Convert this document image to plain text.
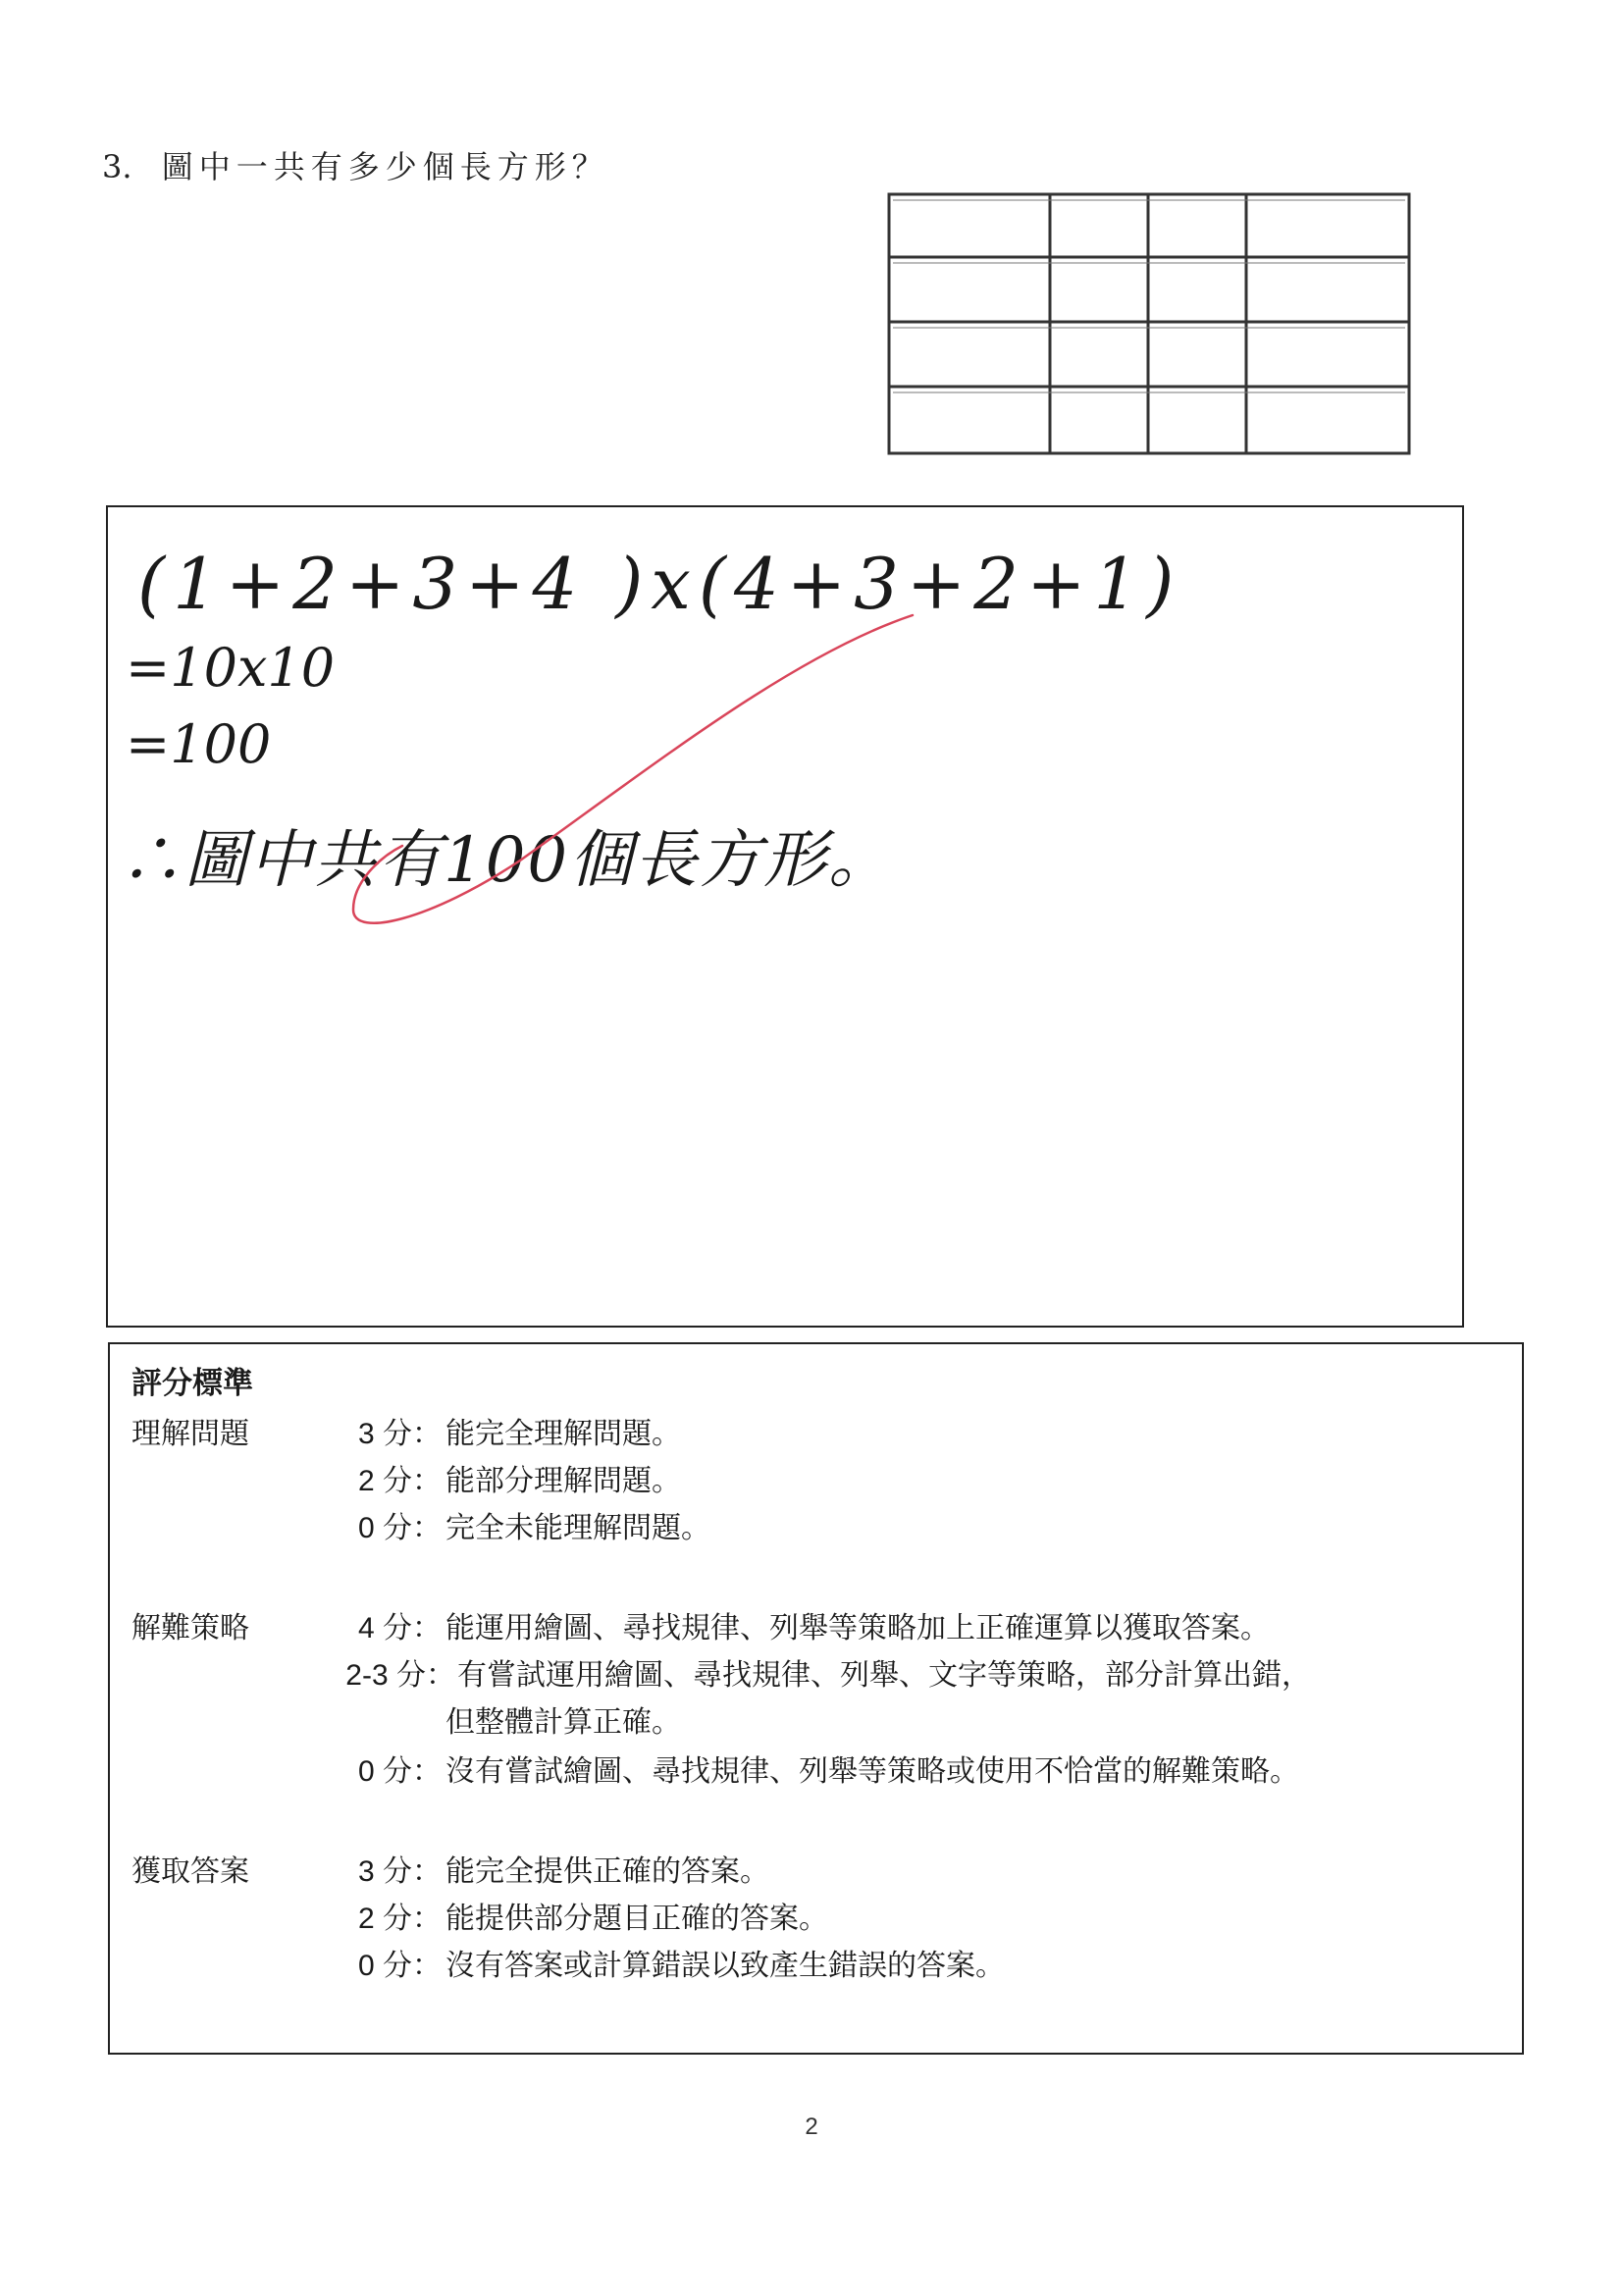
3. 圖中一共有多少個長方形？
(1+2+3+4 )x(4+3+2+1)
=10x10
=100
∴圖中共有100個長方形。
評分標準
理解問題	3 分： 能完全理解問題。
2 分： 能部分理解問題。
0 分： 完全未能理解問題。
解難策略	4 分： 能運用繪圖、尋找規律、列舉等策略加上正確運算以獲取答案。
2-3 分： 有嘗試運用繪圖、尋找規律、列舉、文字等策略，部分計算出錯，
但整體計算正確。
0 分： 沒有嘗試繪圖、尋找規律、列舉等策略或使用不恰當的解難策略。
獲取答案	3 分： 能完全提供正確的答案。
2 分： 能提供部分題目正確的答案。
0 分： 沒有答案或計算錯誤以致產生錯誤的答案。
2
